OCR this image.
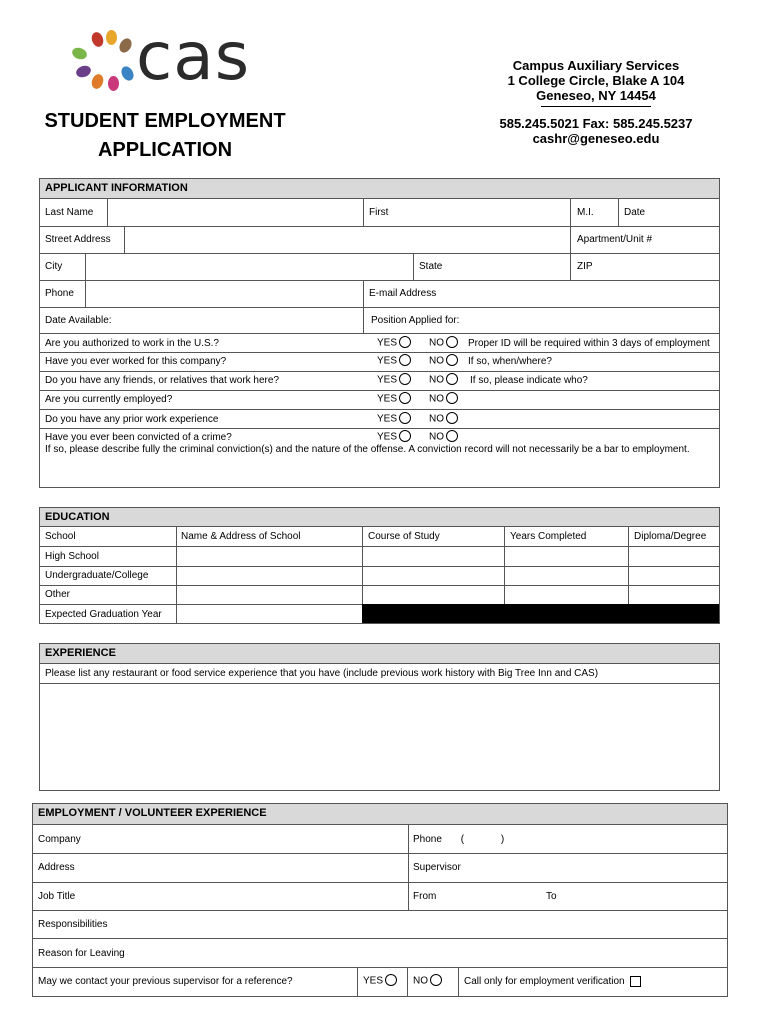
cas
STUDENT EMPLOYMENT
APPLICATION
Campus Auxiliary Services
1 College Circle, Blake A 104
Geneseo, NY 14454
585.245.5021 Fax: 585.245.5237
cashr@geneseo.edu
APPLICANT INFORMATION
Last Name	First	M.I.	Date
Street Address	Apartment/Unit #
City	State	ZIP
Phone	E-mail Address
Date Available:	Position Applied for:
Are you authorized to work in the U.S.?	YES	NO	Proper ID will be required within 3 days of employment
Have you ever worked for this company?	YES	NO	If so, when/where?
Do you have any friends, or relatives that work here?	YES	NO	If so, please indicate who?
Are you currently employed?	YES	NO
Do you have any prior work experience	YES	NO
Have you ever been convicted of a crime?	YES	NO
If so, please describe fully the criminal conviction(s) and the nature of the offense. A conviction record will not necessarily be a bar to employment.
EDUCATION
School	Name & Address of School	Course of Study	Years Completed	Diploma/Degree
High School
Undergraduate/College
Other
Expected Graduation Year
EXPERIENCE
Please list any restaurant or food service experience that you have (include previous work history with Big Tree Inn and CAS)
EMPLOYMENT / VOLUNTEER EXPERIENCE
Company	Phone (	)
Address	Supervisor
Job Title	From	To
Responsibilities
Reason for Leaving
May we contact your previous supervisor for a reference?	YES	NO	Call only for employment verification
